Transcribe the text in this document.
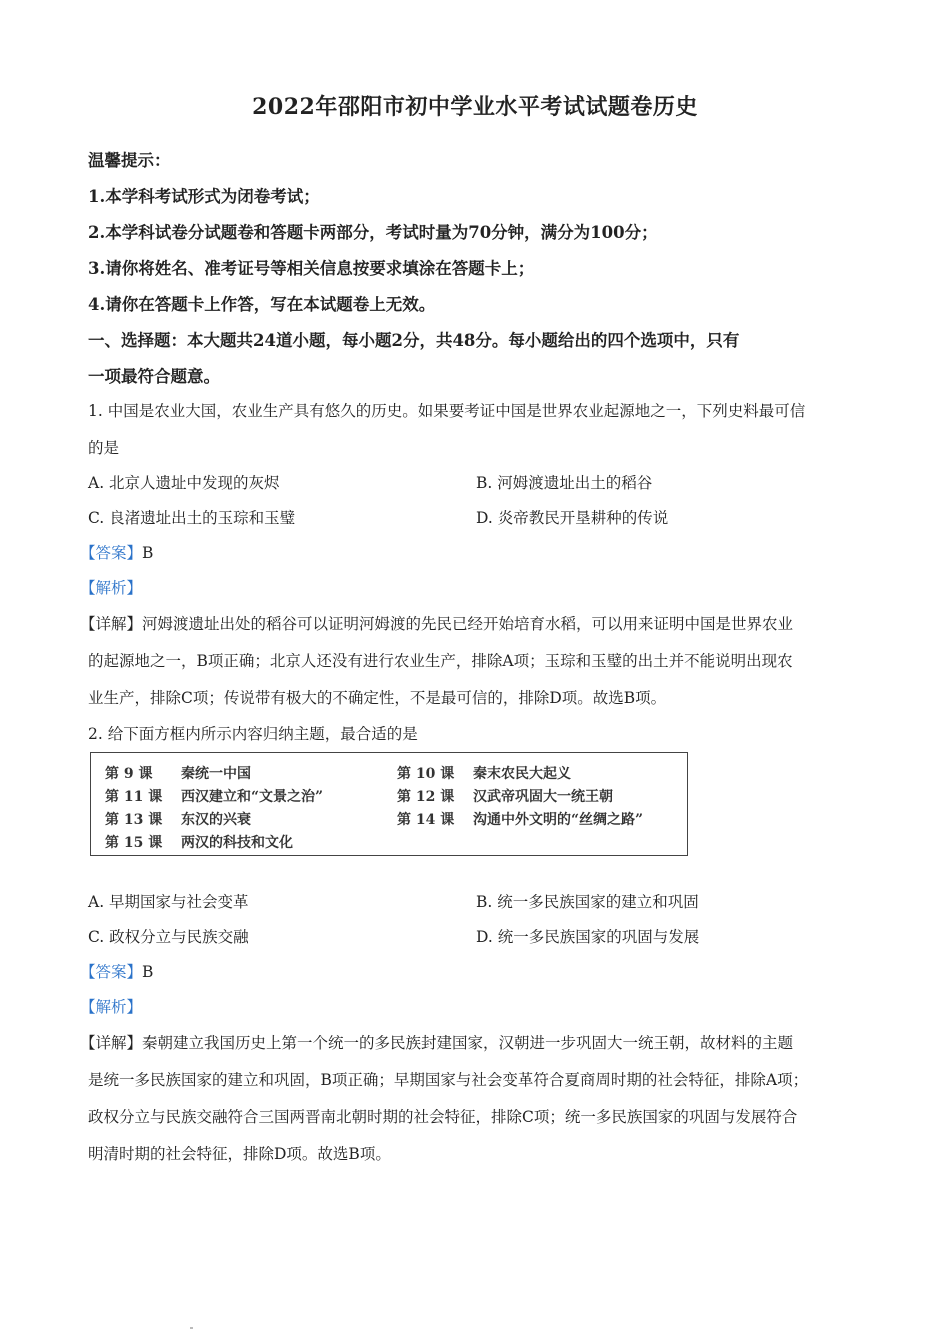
2022年邵阳市初中学业水平考试试题卷历史
温馨提示：
1.本学科考试形式为闭卷考试；
2.本学科试卷分试题卷和答题卡两部分，考试时量为70分钟，满分为100分；
3.请你将姓名、准考证号等相关信息按要求填涂在答题卡上；
4.请你在答题卡上作答，写在本试题卷上无效。
一、选择题：本大题共24道小题，每小题2分，共48分。每小题给出的四个选项中，只有
一项最符合题意。
1. 中国是农业大国，农业生产具有悠久的历史。如果要考证中国是世界农业起源地之一，下列史料最可信
的是
A. 北京人遗址中发现的灰烬	B. 河姆渡遗址出土的稻谷
C. 良渚遗址出土的玉琮和玉璧	D. 炎帝教民开垦耕种的传说
【答案】B
【解析】
【详解】河姆渡遗址出处的稻谷可以证明河姆渡的先民已经开始培育水稻，可以用来证明中国是世界农业
的起源地之一，B项正确；北京人还没有进行农业生产，排除A项；玉琮和玉璧的出土并不能说明出现农
业生产，排除C项；传说带有极大的不确定性，不是最可信的，排除D项。故选B项。
2. 给下面方框内所示内容归纳主题，最合适的是
第 9 课 秦统一中国	第 10 课 秦末农民大起义
第 11 课 西汉建立和“文景之治”	第 12 课 汉武帝巩固大一统王朝
第 13 课 东汉的兴衰	第 14 课 沟通中外文明的“丝绸之路”
第 15 课 两汉的科技和文化
A. 早期国家与社会变革	B. 统一多民族国家的建立和巩固
C. 政权分立与民族交融	D. 统一多民族国家的巩固与发展
【答案】B
【解析】
【详解】秦朝建立我国历史上第一个统一的多民族封建国家，汉朝进一步巩固大一统王朝，故材料的主题
是统一多民族国家的建立和巩固，B项正确；早期国家与社会变革符合夏商周时期的社会特征，排除A项；
政权分立与民族交融符合三国两晋南北朝时期的社会特征，排除C项；统一多民族国家的巩固与发展符合
明清时期的社会特征，排除D项。故选B项。
